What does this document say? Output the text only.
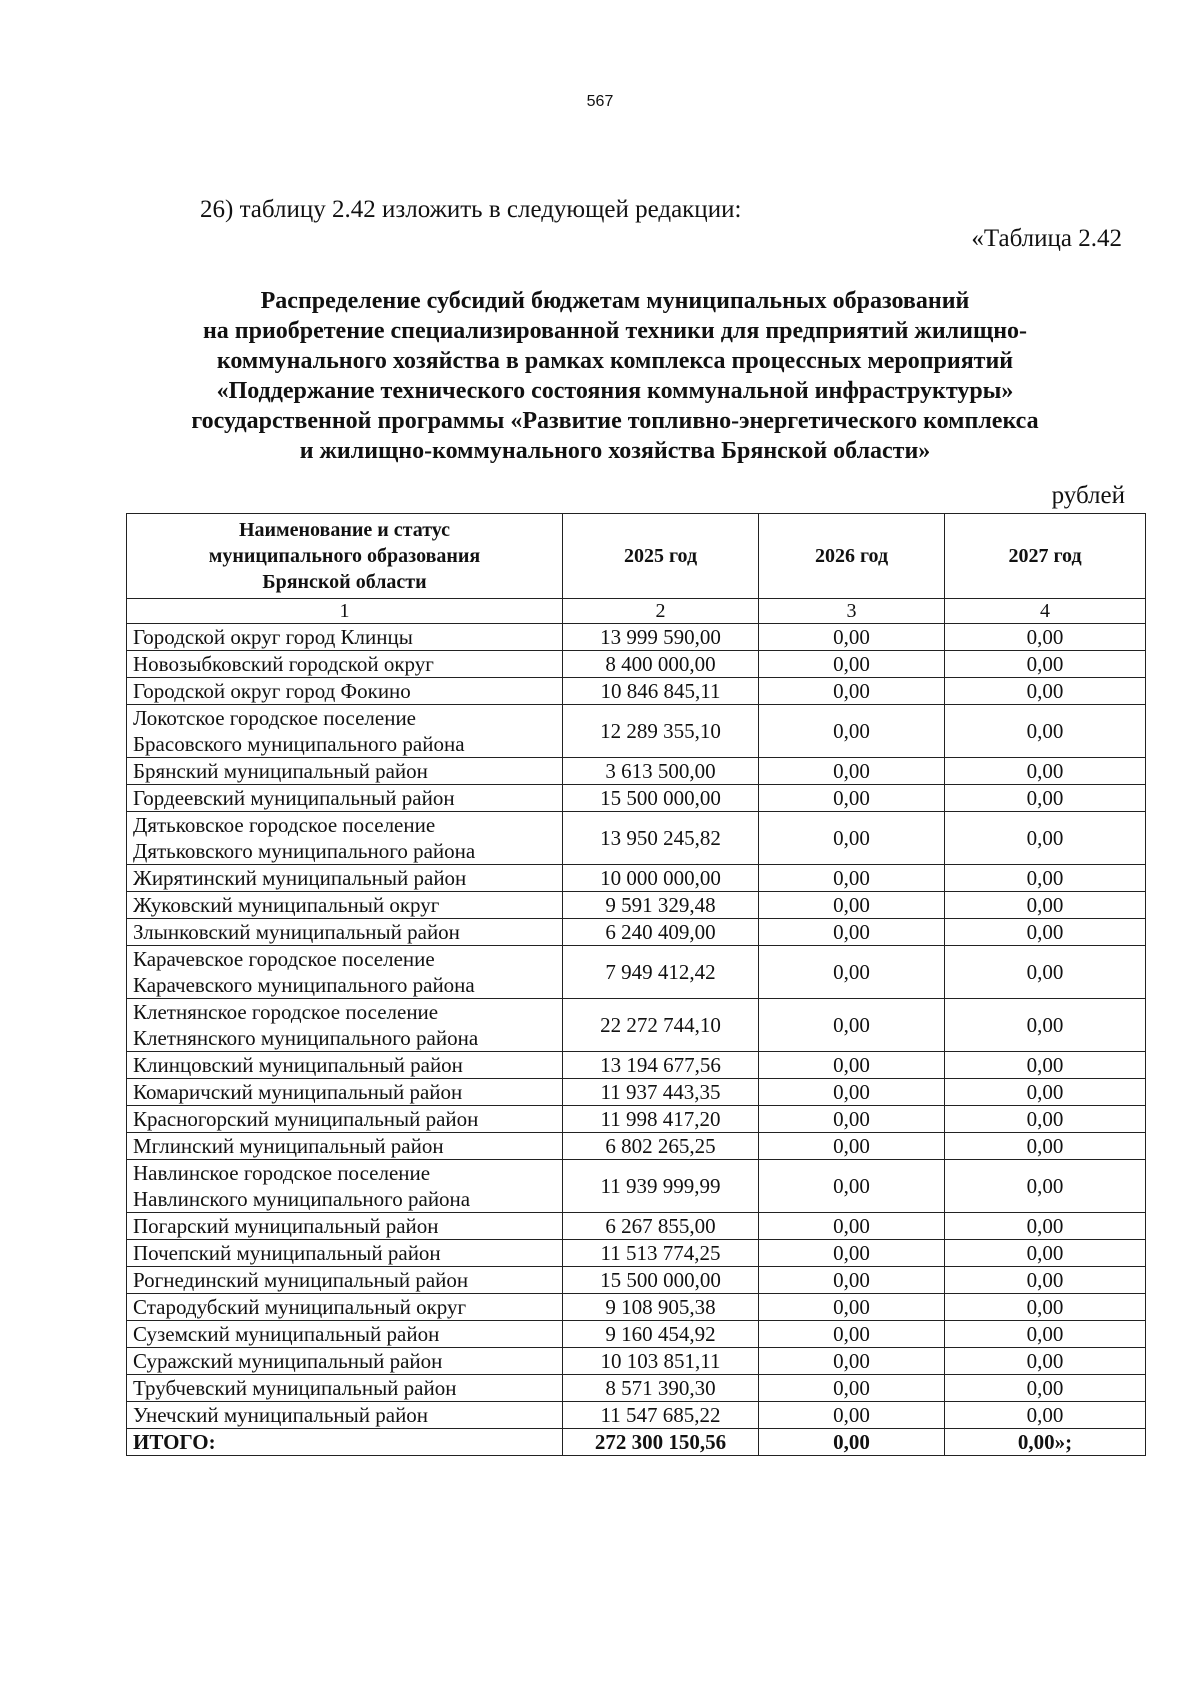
567
26) таблицу 2.42 изложить в следующей редакции:
«Таблица 2.42
Распределение субсидий бюджетам муниципальных образований
на приобретение специализированной техники для предприятий жилищно-
коммунального хозяйства в рамках комплекса процессных мероприятий
«Поддержание технического состояния коммунальной инфраструктуры»
государственной программы «Развитие топливно-энергетического комплекса
и жилищно-коммунального хозяйства Брянской области»
рублей
Наименование и статус
муниципального образования
Брянской области	2025 год	2026 год	2027 год
1	2	3	4

Городской округ город Клинцы	13 999 590,00	0,00	0,00

Новозыбковский городской округ	8 400 000,00	0,00	0,00

Городской округ город Фокино	10 846 845,11	0,00	0,00

Локотское городское поселение
Брасовского муниципального района	12 289 355,10	0,00	0,00

Брянский муниципальный район	3 613 500,00	0,00	0,00

Гордеевский муниципальный район	15 500 000,00	0,00	0,00

Дятьковское городское поселение
Дятьковского муниципального района	13 950 245,82	0,00	0,00

Жирятинский муниципальный район	10 000 000,00	0,00	0,00

Жуковский муниципальный округ	9 591 329,48	0,00	0,00

Злынковский муниципальный район	6 240 409,00	0,00	0,00

Карачевское городское поселение
Карачевского муниципального района	7 949 412,42	0,00	0,00

Клетнянское городское поселение
Клетнянского муниципального района	22 272 744,10	0,00	0,00

Клинцовский муниципальный район	13 194 677,56	0,00	0,00

Комаричский муниципальный район	11 937 443,35	0,00	0,00

Красногорский муниципальный район	11 998 417,20	0,00	0,00

Мглинский муниципальный район	6 802 265,25	0,00	0,00

Навлинское городское поселение
Навлинского муниципального района	11 939 999,99	0,00	0,00

Погарский муниципальный район	6 267 855,00	0,00	0,00

Почепский муниципальный район	11 513 774,25	0,00	0,00

Рогнединский муниципальный район	15 500 000,00	0,00	0,00

Стародубский муниципальный округ	9 108 905,38	0,00	0,00

Суземский муниципальный район	9 160 454,92	0,00	0,00

Суражский муниципальный район	10 103 851,11	0,00	0,00

Трубчевский муниципальный район	8 571 390,30	0,00	0,00

Унечский муниципальный район	11 547 685,22	0,00	0,00
ИТОГО:	272 300 150,56	0,00	0,00»;
